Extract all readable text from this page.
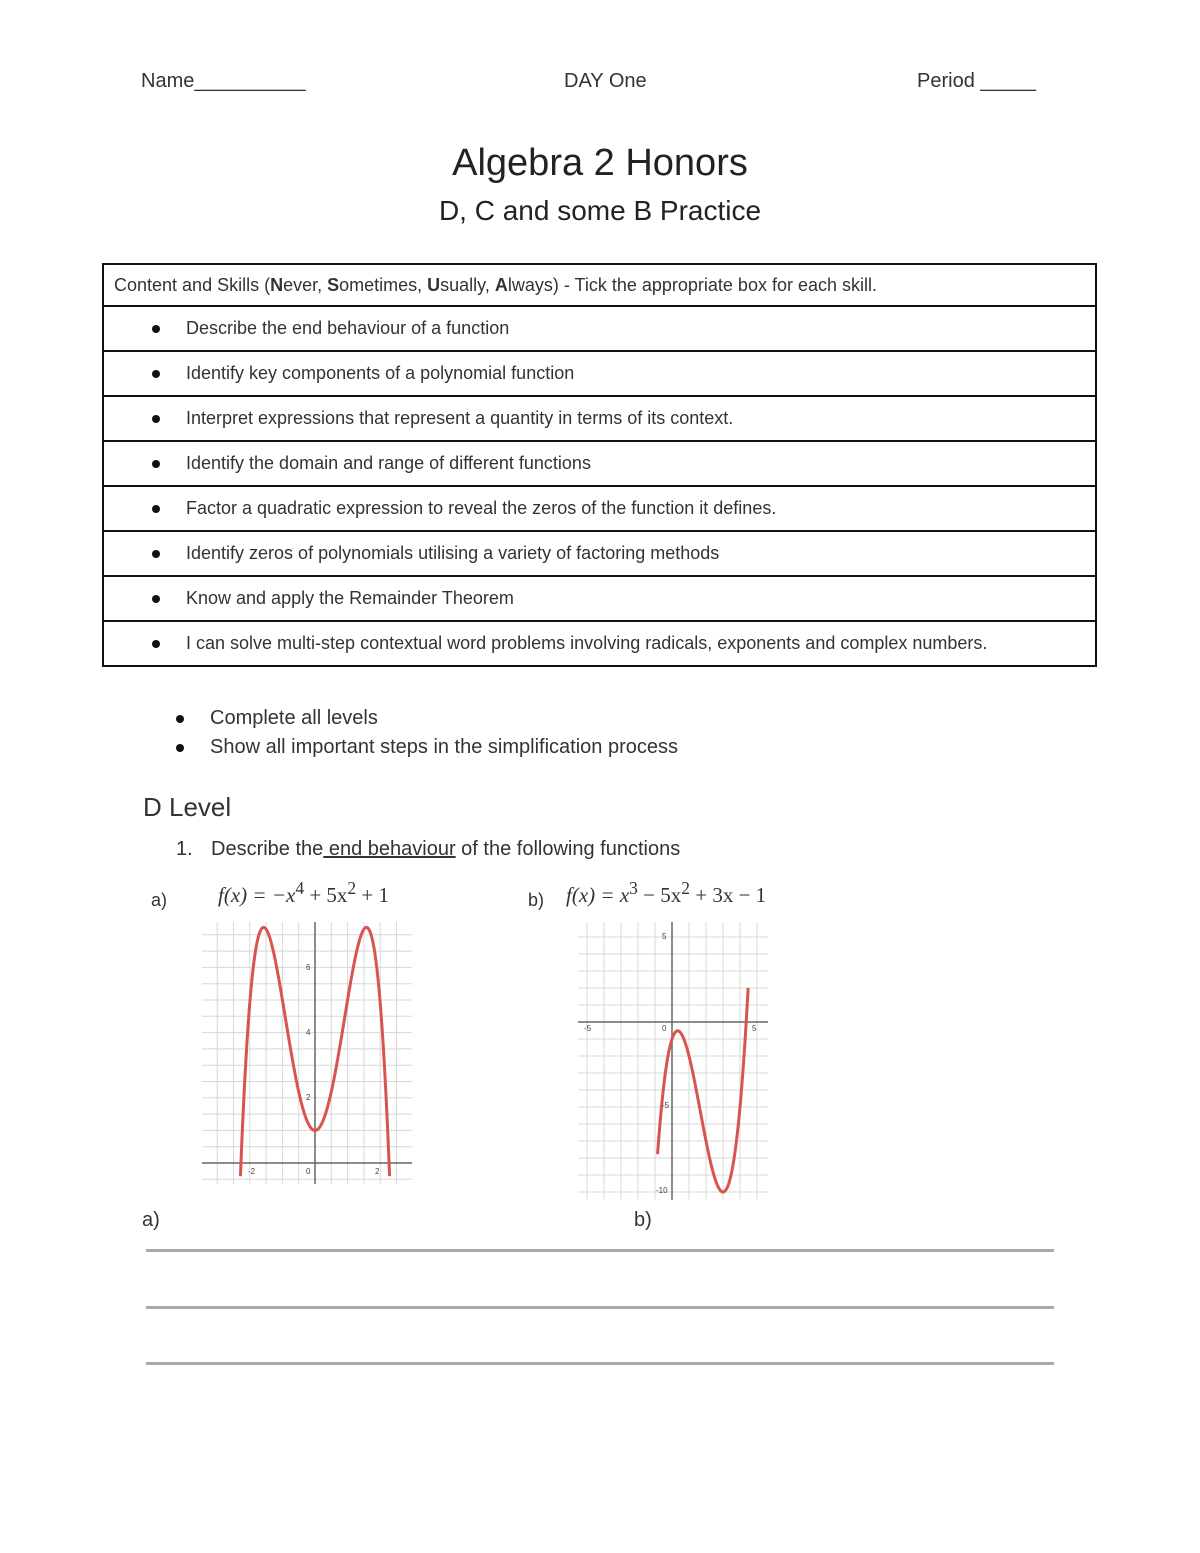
Name__________	DAY One	Period _____
Algebra 2 Honors
D, C and some B Practice
Content and Skills (Never, Sometimes, Usually, Always) - Tick the appropriate box for each skill.
Describe the end behaviour of a function
Identify key components of a polynomial function
Interpret expressions that represent a quantity in terms of its context.
Identify the domain and range of different functions
Factor a quadratic expression to reveal the zeros of the function it defines.
Identify zeros of polynomials utilising a variety of factoring methods
Know and apply the Remainder Theorem
I can solve multi-step contextual word problems involving radicals, exponents and complex numbers.
Complete all levels
Show all important steps in the simplification process
D Level
1. Describe the end behaviour of the following functions
a) $f(x) = -x^4 + 5x^2 + 1$	b) $f(x) = x^3 - 5x^2 + 3x - 1$
-2	0	2
2
4
6
-5	0	5
5
-5
-10
a)	b)
